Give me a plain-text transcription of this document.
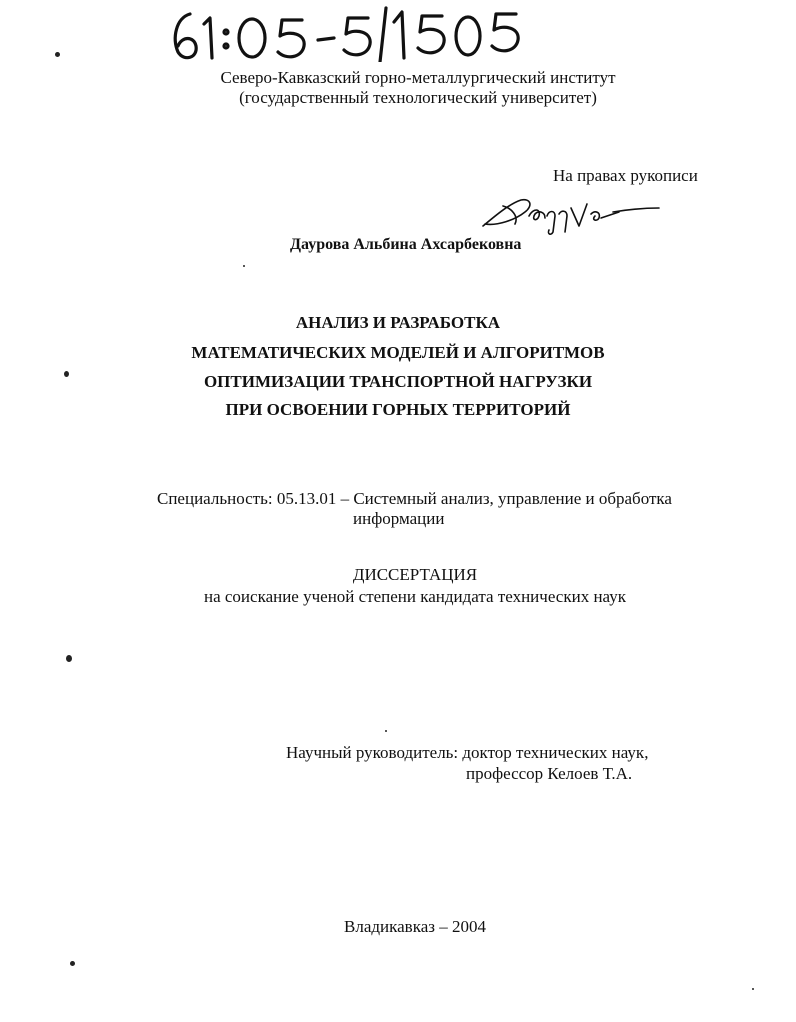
Северо-Кавказский горно-металлургический институт
(государственный технологический университет)
На правах рукописи
Даурова Альбина Ахсарбековна
АНАЛИЗ И РАЗРАБОТКА
МАТЕМАТИЧЕСКИХ МОДЕЛЕЙ И АЛГОРИТМОВ
ОПТИМИЗАЦИИ ТРАНСПОРТНОЙ НАГРУЗКИ
ПРИ ОСВОЕНИИ ГОРНЫХ ТЕРРИТОРИЙ
Специальность: 05.13.01 – Системный анализ, управление и обработка
информации
ДИССЕРТАЦИЯ
на соискание ученой степени кандидата технических наук
Научный руководитель: доктор технических наук,
профессор Келоев Т.А.
Владикавказ – 2004
